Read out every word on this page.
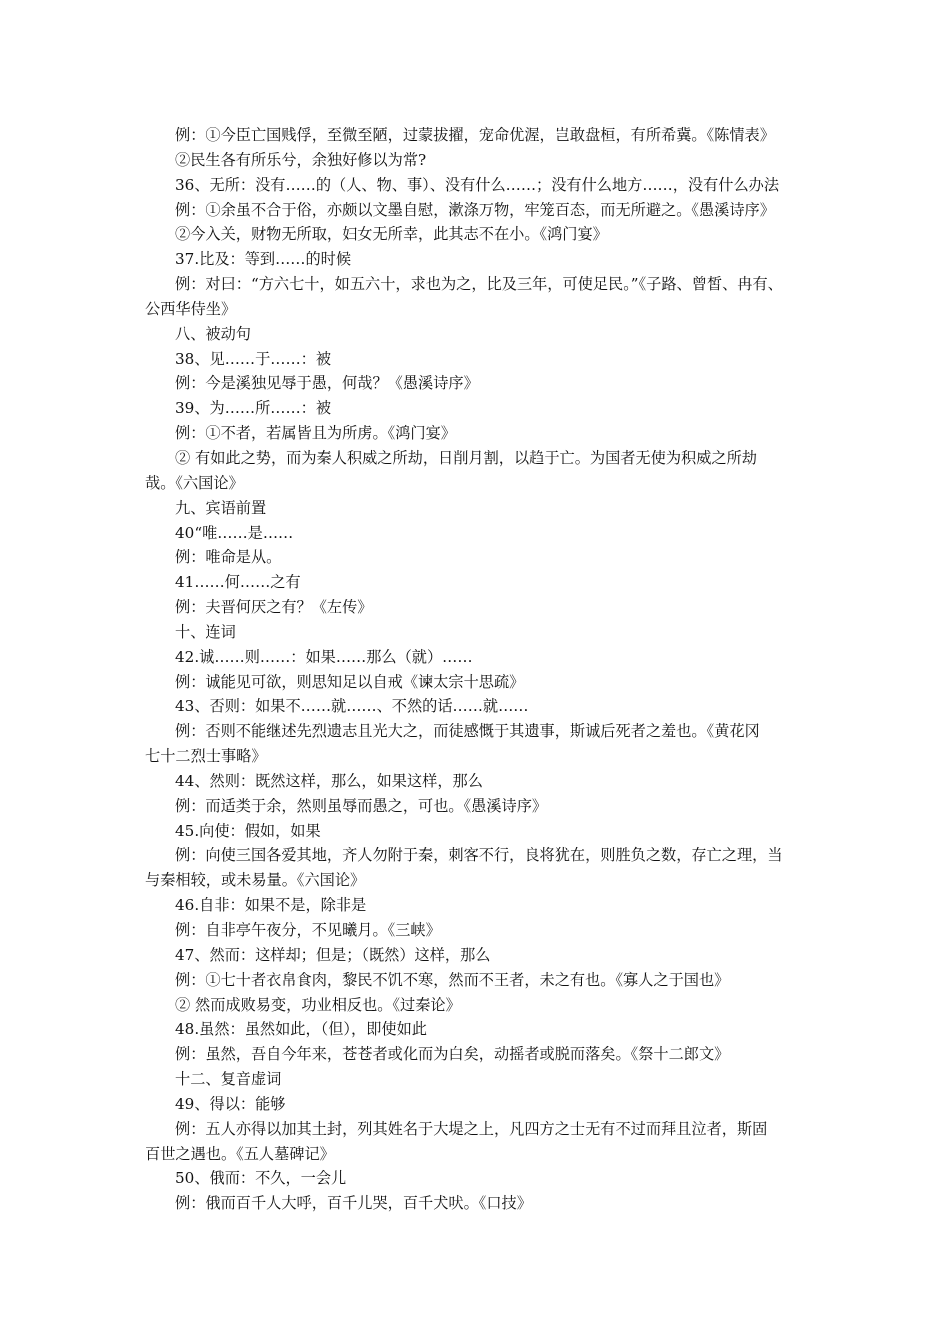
例：①今臣亡国贱俘，至微至陋，过蒙拔擢，宠命优渥，岂敢盘桓，有所希冀。《陈情表》
②民生各有所乐兮，余独好修以为常?
36、无所：没有……的（人、物、事）、没有什么……；没有什么地方……，没有什么办法
例：①余虽不合于俗，亦颇以文墨自慰，漱涤万物，牢笼百态，而无所避之。《愚溪诗序》
②今入关，财物无所取，妇女无所幸，此其志不在小。《鸿门宴》
37.比及：等到……的时候
例：对曰：“方六七十，如五六十，求也为之，比及三年，可使足民。”《子路、曾皙、冉有、
公西华侍坐》
八、被动句
38、见……于……：被
例：今是溪独见辱于愚，何哉？《愚溪诗序》
39、为……所……：被
例：①不者，若属皆且为所虏。《鸿门宴》
② 有如此之势，而为秦人积威之所劫，日削月割，以趋于亡。为国者无使为积威之所劫
哉。《六国论》
九、宾语前置
40“唯……是……
例：唯命是从。
41……何……之有
例：夫晋何厌之有？《左传》
十、连词
42.诚……则……：如果……那么（就）……
例：诚能见可欲，则思知足以自戒《谏太宗十思疏》
43、否则：如果不……就……、不然的话……就……
例：否则不能继述先烈遗志且光大之，而徒感慨于其遗事，斯诚后死者之羞也。《黄花冈
七十二烈士事略》
44、然则：既然这样，那么，如果这样，那么
例：而适类于余，然则虽辱而愚之，可也。《愚溪诗序》
45.向使：假如，如果
例：向使三国各爱其地，齐人勿附于秦，刺客不行，良将犹在，则胜负之数，存亡之理，当
与秦相较，或未易量。《六国论》
46.自非：如果不是，除非是
例：自非亭午夜分，不见曦月。《三峡》
47、然而：这样却；但是；（既然）这样，那么
例：①七十者衣帛食肉，黎民不饥不寒，然而不王者，未之有也。《寡人之于国也》
② 然而成败易变，功业相反也。《过秦论》
48.虽然：虽然如此，（但），即使如此
例：虽然，吾自今年来，苍苍者或化而为白矣，动摇者或脱而落矣。《祭十二郎文》
十二、复音虚词
49、得以：能够
例：五人亦得以加其土封，列其姓名于大堤之上，凡四方之士无有不过而拜且泣者，斯固
百世之遇也。《五人墓碑记》
50、俄而：不久，一会儿
例：俄而百千人大呼，百千儿哭，百千犬吠。《口技》
